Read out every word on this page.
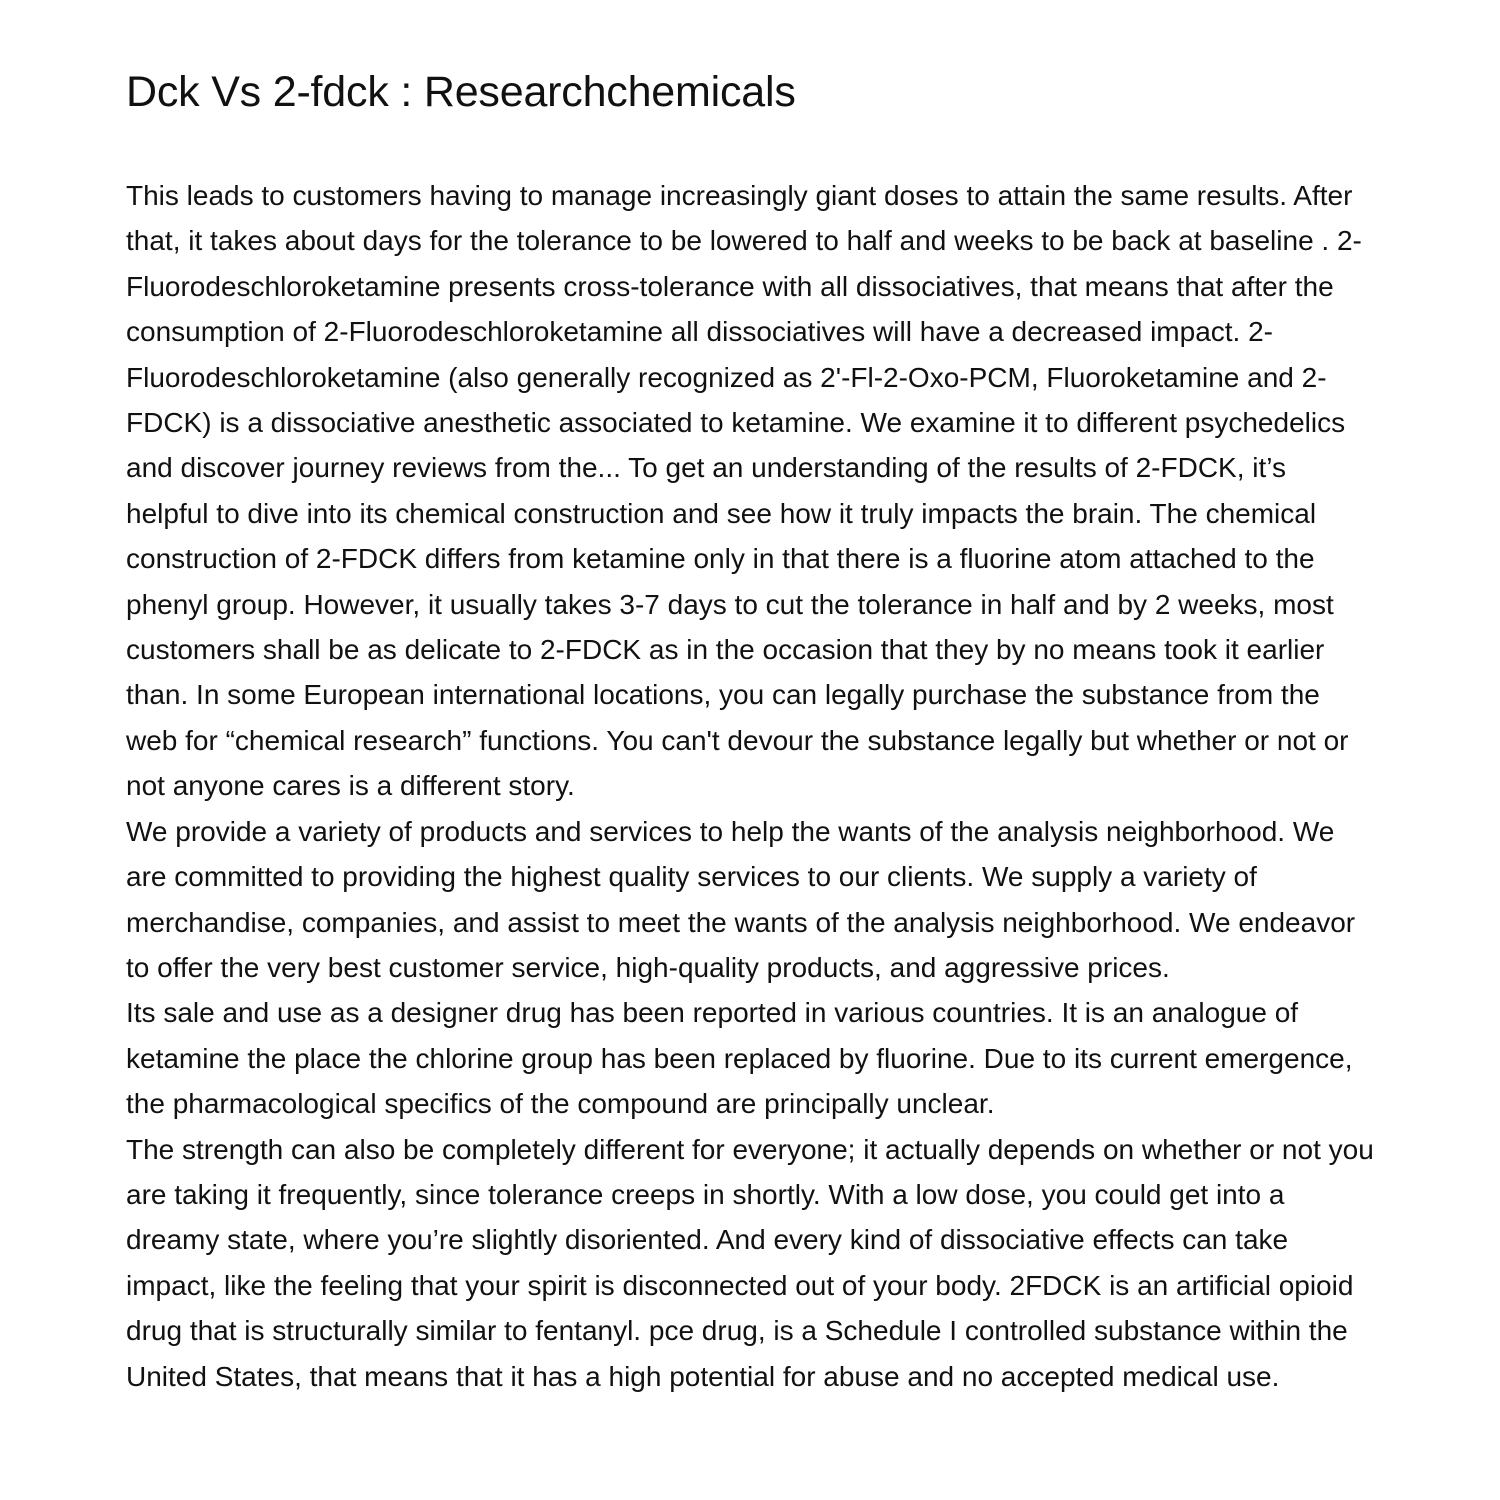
Dck Vs 2-fdck : Researchchemicals

This leads to customers having to manage increasingly giant doses to attain the same results. After that, it takes about days for the tolerance to be lowered to half and weeks to be back at baseline . 2-Fluorodeschloroketamine presents cross-tolerance with all dissociatives, that means that after the consumption of 2-Fluorodeschloroketamine all dissociatives will have a decreased impact. 2-Fluorodeschloroketamine (also generally recognized as 2'-Fl-2-Oxo-PCM, Fluoroketamine and 2-FDCK) is a dissociative anesthetic associated to ketamine. We examine it to different psychedelics and discover journey reviews from the... To get an understanding of the results of 2-FDCK, it’s helpful to dive into its chemical construction and see how it truly impacts the brain. The chemical construction of 2-FDCK differs from ketamine only in that there is a fluorine atom attached to the phenyl group. However, it usually takes 3-7 days to cut the tolerance in half and by 2 weeks, most customers shall be as delicate to 2-FDCK as in the occasion that they by no means took it earlier than. In some European international locations, you can legally purchase the substance from the web for “chemical research” functions. You can't devour the substance legally but whether or not or not anyone cares is a different story.

We provide a variety of products and services to help the wants of the analysis neighborhood. We are committed to providing the highest quality services to our clients. We supply a variety of merchandise, companies, and assist to meet the wants of the analysis neighborhood. We endeavor to offer the very best customer service, high-quality products, and aggressive prices.

Its sale and use as a designer drug has been reported in various countries. It is an analogue of ketamine the place the chlorine group has been replaced by fluorine. Due to its current emergence, the pharmacological specifics of the compound are principally unclear.

The strength can also be completely different for everyone; it actually depends on whether or not you are taking it frequently, since tolerance creeps in shortly. With a low dose, you could get into a dreamy state, where you’re slightly disoriented. And every kind of dissociative effects can take impact, like the feeling that your spirit is disconnected out of your body. 2FDCK is an artificial opioid drug that is structurally similar to fentanyl. pce drug, is a Schedule I controlled substance within the United States, that means that it has a high potential for abuse and no accepted medical use.
